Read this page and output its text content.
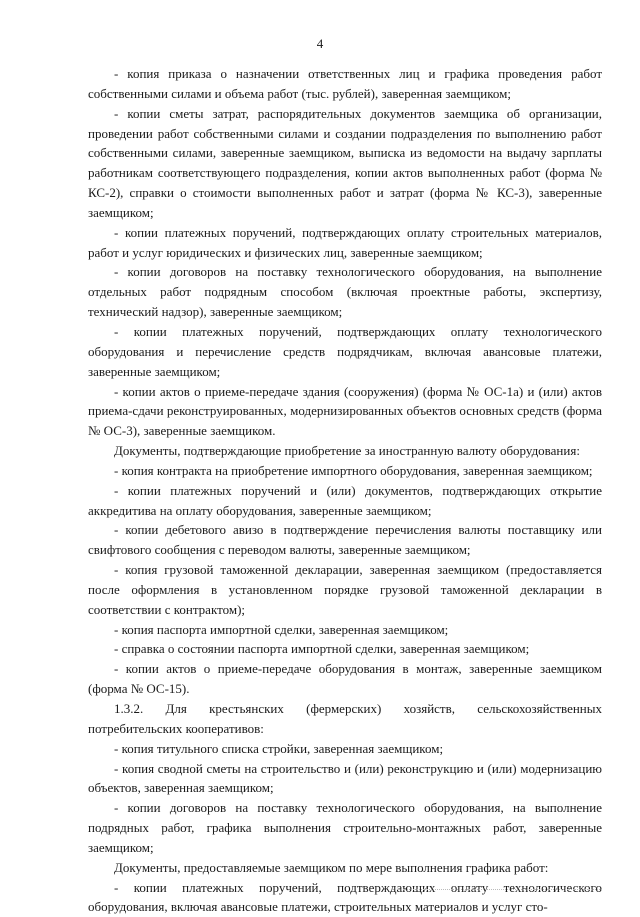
4

- копия приказа о назначении ответственных лиц и графика проведения работ собственными силами и объема работ (тыс. рублей), заверенная заемщиком;

- копии сметы затрат, распорядительных документов заемщика об организации, проведении работ собственными силами и создании подразделения по выполнению работ собственными силами, заверенные заемщиком, выписка из ведомости на выдачу зарплаты работникам соответствующего подразделения, копии актов выполненных работ (форма № КС-2), справки о стоимости выполненных работ и затрат (форма № КС-3), заверенные заемщиком;

- копии платежных поручений, подтверждающих оплату строительных материалов, работ и услуг юридических и физических лиц, заверенные заемщиком;

- копии договоров на поставку технологического оборудования, на выполнение отдельных работ подрядным способом (включая проектные работы, экспертизу, технический надзор), заверенные заемщиком;

- копии платежных поручений, подтверждающих оплату технологического оборудования и перечисление средств подрядчикам, включая авансовые платежи, заверенные заемщиком;

- копии актов о приеме-передаче здания (сооружения) (форма № ОС-1а) и (или) актов приема-сдачи реконструированных, модернизированных объектов основных средств (форма № ОС-3), заверенные заемщиком.

Документы, подтверждающие приобретение за иностранную валюту оборудования:

- копия контракта на приобретение импортного оборудования, заверенная заемщиком;

- копии платежных поручений и (или) документов, подтверждающих открытие аккредитива на оплату оборудования, заверенные заемщиком;

- копии дебетового авизо в подтверждение перечисления валюты поставщику или свифтового сообщения с переводом валюты, заверенные заемщиком;

- копия грузовой таможенной декларации, заверенная заемщиком (предоставляется после оформления в установленном порядке грузовой таможенной декларации в соответствии с контрактом);

- копия паспорта импортной сделки, заверенная заемщиком;

- справка о состоянии паспорта импортной сделки, заверенная заемщиком;

- копии актов о приеме-передаче оборудования в монтаж, заверенные заемщиком (форма № ОС-15).

1.3.2. Для крестьянских (фермерских) хозяйств, сельскохозяйственных потребительских кооперативов:

- копия титульного списка стройки, заверенная заемщиком;

- копия сводной сметы на строительство и (или) реконструкцию и (или) модернизацию объектов, заверенная заемщиком;

- копии договоров на поставку технологического оборудования, на выполнение подрядных работ, графика выполнения строительно-монтажных работ, заверенные заемщиком;

Документы, предоставляемые заемщиком по мере выполнения графика работ:

- копии платежных поручений, подтверждающих оплату технологического оборудования, включая авансовые платежи, строительных материалов и услуг сто-
